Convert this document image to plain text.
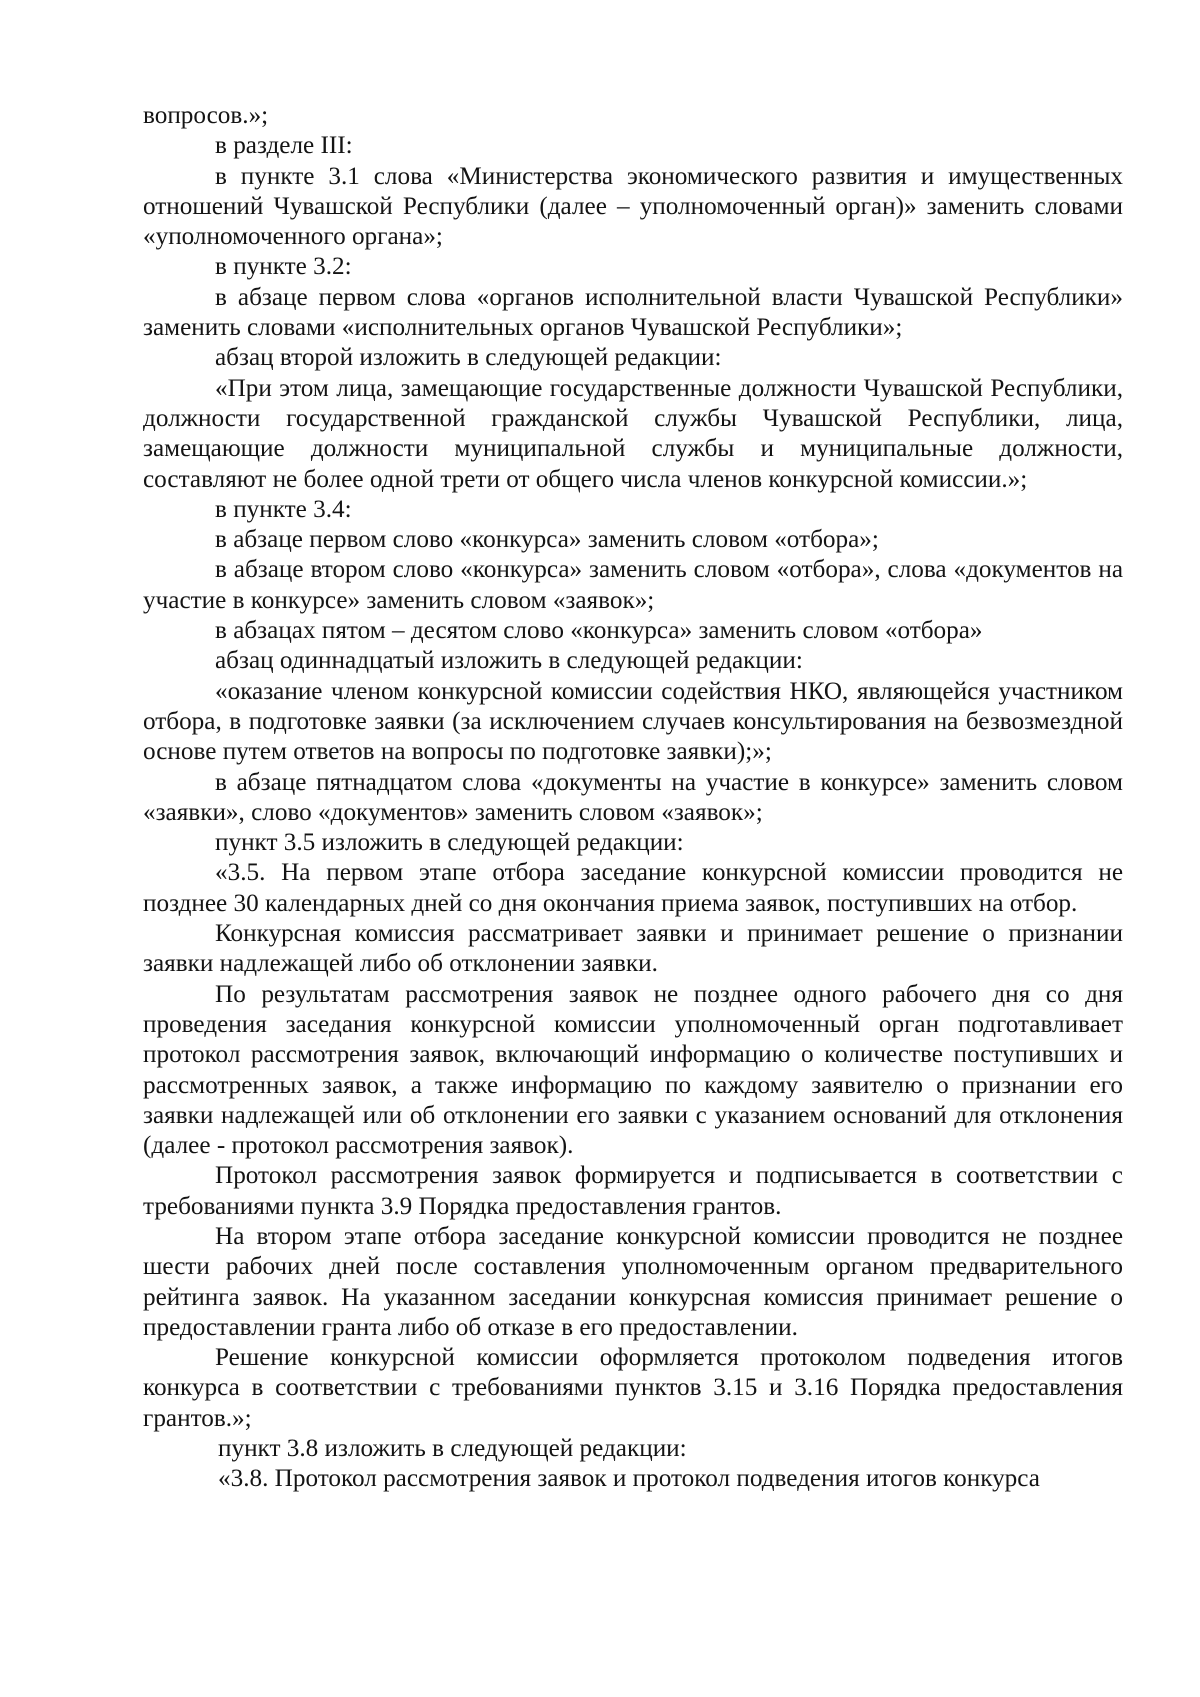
вопросов.»;

в разделе III:

в пункте 3.1 слова «Министерства экономического развития и имущественных отношений Чувашской Республики (далее – уполномоченный орган)» заменить словами «уполномоченного органа»;

в пункте 3.2:

в абзаце первом слова «органов исполнительной власти Чувашской Республики» заменить словами «исполнительных органов Чувашской Республики»;

абзац второй изложить в следующей редакции:

«При этом лица, замещающие государственные должности Чувашской Республики, должности государственной гражданской службы Чувашской Республики, лица, замещающие должности муниципальной службы и муниципальные должности, составляют не более одной трети от общего числа членов конкурсной комиссии.»;

в пункте 3.4:

в абзаце первом слово «конкурса» заменить словом «отбора»;

в абзаце втором слово «конкурса» заменить словом «отбора», слова «документов на участие в конкурсе» заменить словом «заявок»;

в абзацах пятом – десятом слово «конкурса» заменить словом «отбора»

абзац одиннадцатый изложить в следующей редакции:

«оказание членом конкурсной комиссии содействия НКО, являющейся участником отбора, в подготовке заявки (за исключением случаев консультирования на безвозмездной основе путем ответов на вопросы по подготовке заявки);»;

в абзаце пятнадцатом слова «документы на участие в конкурсе» заменить словом «заявки», слово «документов» заменить словом «заявок»;

пункт 3.5 изложить в следующей редакции:

«3.5. На первом этапе отбора заседание конкурсной комиссии проводится не позднее 30 календарных дней со дня окончания приема заявок, поступивших на отбор.

Конкурсная комиссия рассматривает заявки и принимает решение о признании заявки надлежащей либо об отклонении заявки.

По результатам рассмотрения заявок не позднее одного рабочего дня со дня проведения заседания конкурсной комиссии уполномоченный орган подготавливает протокол рассмотрения заявок, включающий информацию о количестве поступивших и рассмотренных заявок, а также информацию по каждому заявителю о признании его заявки надлежащей или об отклонении его заявки с указанием оснований для отклонения (далее - протокол рассмотрения заявок).

Протокол рассмотрения заявок формируется и подписывается в соответствии с требованиями пункта 3.9 Порядка предоставления грантов.

На втором этапе отбора заседание конкурсной комиссии проводится не позднее шести рабочих дней после составления уполномоченным органом предварительного рейтинга заявок. На указанном заседании конкурсная комиссия принимает решение о предоставлении гранта либо об отказе в его предоставлении.

Решение конкурсной комиссии оформляется протоколом подведения итогов конкурса в соответствии с требованиями пунктов 3.15 и 3.16 Порядка предоставления грантов.»;

пункт 3.8 изложить в следующей редакции:

«3.8. Протокол рассмотрения заявок и протокол подведения итогов конкурса
